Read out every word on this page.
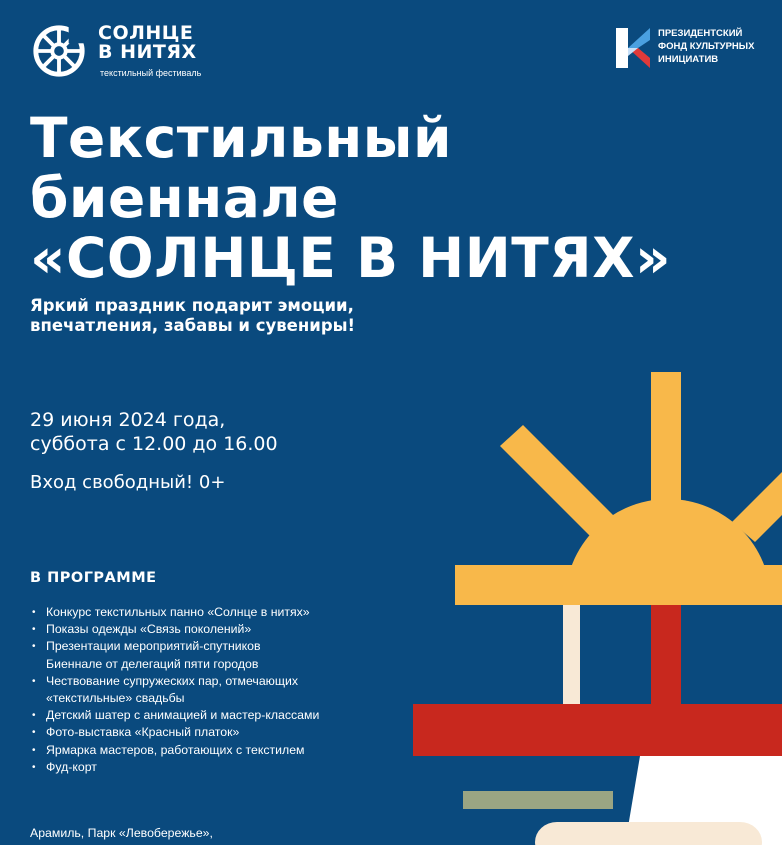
СОЛНЦЕ
В НИТЯХ
текстильный фестиваль
ПРЕЗИДЕНТСКИЙ
ФОНД КУЛЬТУРНЫХ
ИНИЦИАТИВ
Текстильный
биеннале
«СОЛНЦЕ В НИТЯХ»
Яркий праздник подарит эмоции,
впечатления, забавы и сувениры!
29 июня 2024 года,
суббота с 12.00 до 16.00
Вход свободный! 0+
В ПРОГРАММЕ
• Конкурс текстильных панно «Солнце в нитях»
• Показы одежды «Связь поколений»
• Презентации мероприятий-спутников
Биеннале от делегаций пяти городов
• Чествование супружеских пар, отмечающих
«текстильные» свадьбы
• Детский шатер с анимацией и мастер-классами
• Фото-выставка «Красный платок»
• Ярмарка мастеров, работающих с текстилем
• Фуд-корт
Арамиль, Парк «Левобережье»,
